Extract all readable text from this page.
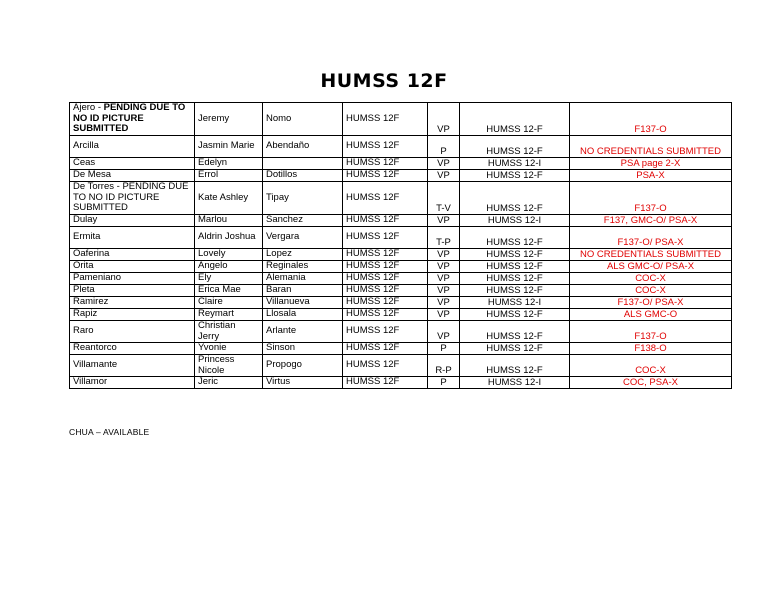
HUMSS 12F
Ajero - PENDING DUE TO NO ID PICTURE SUBMITTED	Jeremy	Nomo	HUMSS 12F	VP	HUMSS 12-F	F137-O
Arcilla	Jasmin Marie	Abendaño	HUMSS 12F	P	HUMSS 12-F	NO CREDENTIALS SUBMITTED
Ceas	Edelyn		HUMSS 12F	VP	HUMSS 12-I	PSA page 2-X
De Mesa	Errol	Dotillos	HUMSS 12F	VP	HUMSS 12-F	PSA-X
De Torres - PENDING DUE TO NO ID PICTURE SUBMITTED	Kate Ashley	Tipay	HUMSS 12F	T-V	HUMSS 12-F	F137-O
Dulay	Marlou	Sanchez	HUMSS 12F	VP	HUMSS 12-I	F137, GMC-O/ PSA-X
Ermita	Aldrin Joshua	Vergara	HUMSS 12F	T-P	HUMSS 12-F	F137-O/ PSA-X
Oaferina	Lovely	Lopez	HUMSS 12F	VP	HUMSS 12-F	NO CREDENTIALS SUBMITTED
Orita	Angelo	Reginales	HUMSS 12F	VP	HUMSS 12-F	ALS GMC-O/ PSA-X
Pameniano	Ely	Alemania	HUMSS 12F	VP	HUMSS 12-F	COC-X
Pleta	Erica Mae	Baran	HUMSS 12F	VP	HUMSS 12-F	COC-X
Ramirez	Claire	Villanueva	HUMSS 12F	VP	HUMSS 12-I	F137-O/ PSA-X
Rapiz	Reymart	Llosala	HUMSS 12F	VP	HUMSS 12-F	ALS GMC-O
Raro	Christian Jerry	Arlante	HUMSS 12F	VP	HUMSS 12-F	F137-O
Reantorco	Yvonie	Sinson	HUMSS 12F	P	HUMSS 12-F	F138-O
Villamante	Princess Nicole	Propogo	HUMSS 12F	R-P	HUMSS 12-F	COC-X
Villamor	Jeric	Virtus	HUMSS 12F	P	HUMSS 12-I	COC, PSA-X
CHUA – AVAILABLE
